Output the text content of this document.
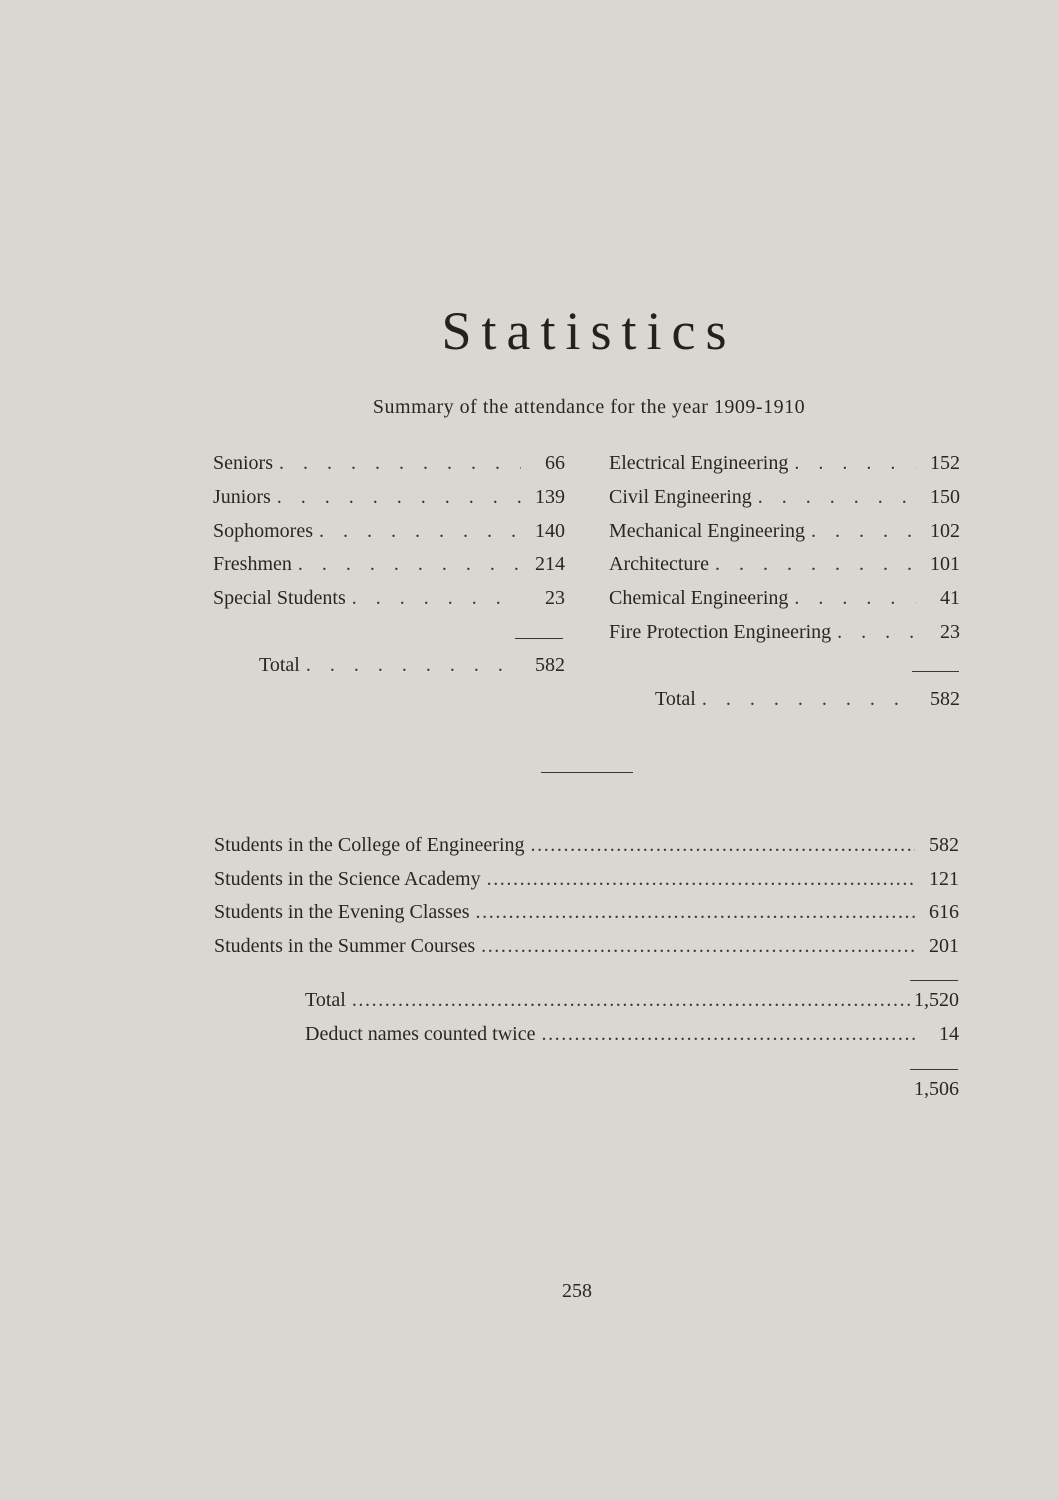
Statistics
Summary of the attendance for the year 1909-1910
Seniors . . .	66
Juniors . . .	139
Sophomores . . .	140
Freshmen . . .	214
Special Students . . .	23
Total . . .	582
Electrical Engineering . . .	152
Civil Engineering . . .	150
Mechanical Engineering . . .	102
Architecture . . .	101
Chemical Engineering . . .	41
Fire Protection Engineering . . .	23
Total . . .	582
Students in the College of Engineering .....	582
Students in the Science Academy .....	121
Students in the Evening Classes .....	616
Students in the Summer Courses .....	201
Total .....	1,520
Deduct names counted twice .....	14
1,506
258
